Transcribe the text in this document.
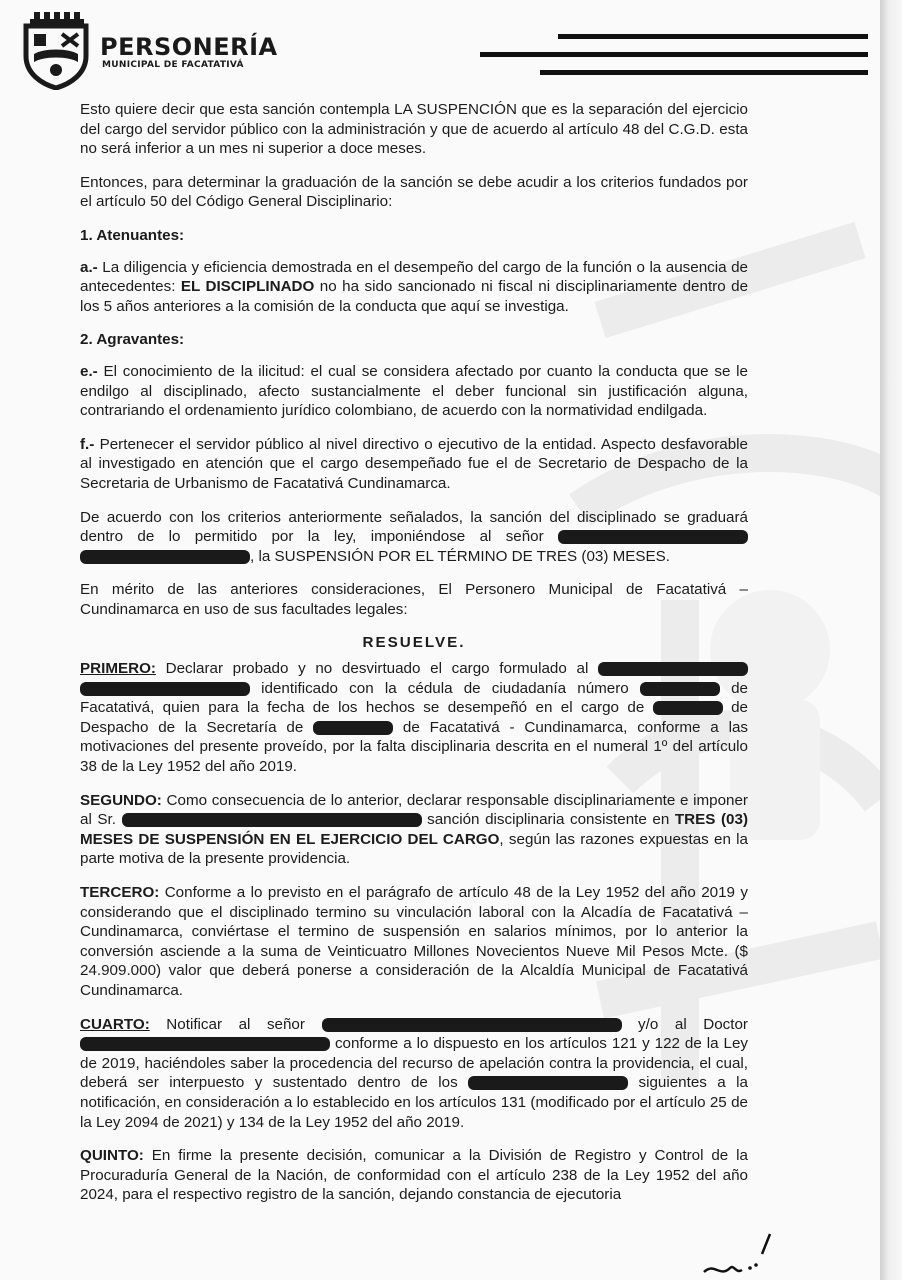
PERSONERÍA
MUNICIPAL DE FACATATIVÁ

Esto quiere decir que esta sanción contempla LA SUSPENCIÓN que es la separación del ejercicio del cargo del servidor público con la administración y que de acuerdo al artículo 48 del C.G.D. esta no será inferior a un mes ni superior a doce meses.

Entonces, para determinar la graduación de la sanción se debe acudir a los criterios fundados por el artículo 50 del Código General Disciplinario:

1. Atenuantes:

a.- La diligencia y eficiencia demostrada en el desempeño del cargo de la función o la ausencia de antecedentes: EL DISCIPLINADO no ha sido sancionado ni fiscal ni disciplinariamente dentro de los 5 años anteriores a la comisión de la conducta que aquí se investiga.

2. Agravantes:

e.- El conocimiento de la ilicitud: el cual se considera afectado por cuanto la conducta que se le endilgo al disciplinado, afecto sustancialmente el deber funcional sin justificación alguna, contrariando el ordenamiento jurídico colombiano, de acuerdo con la normatividad endilgada.

f.- Pertenecer el servidor público al nivel directivo o ejecutivo de la entidad. Aspecto desfavorable al investigado en atención que el cargo desempeñado fue el de Secretario de Despacho de la Secretaria de Urbanismo de Facatativá Cundinamarca.

De acuerdo con los criterios anteriormente señalados, la sanción del disciplinado se graduará dentro de lo permitido por la ley, imponiéndose al señor  , la SUSPENSIÓN POR EL TÉRMINO DE TRES (03) MESES.

En mérito de las anteriores consideraciones, El Personero Municipal de Facatativá – Cundinamarca en uso de sus facultades legales:

RESUELVE.

PRIMERO: Declarar probado y no desvirtuado el cargo formulado al   identificado con la cédula de ciudadanía número	de Facatativá, quien para la fecha de los hechos se desempeñó en el cargo de	de Despacho de la Secretaría de	de Facatativá - Cundinamarca, conforme a las motivaciones del presente proveído, por la falta disciplinaria descrita en el numeral 1º del artículo 38 de la Ley 1952 del año 2019.

SEGUNDO: Como consecuencia de lo anterior, declarar responsable disciplinariamente e imponer al Sr.	sanción disciplinaria consistente en TRES (03) MESES DE SUSPENSIÓN EN EL EJERCICIO DEL CARGO, según las razones expuestas en la parte motiva de la presente providencia.

TERCERO: Conforme a lo previsto en el parágrafo de artículo 48 de la Ley 1952 del año 2019 y considerando que el disciplinado termino su vinculación laboral con la Alcadía de Facatativá – Cundinamarca, conviértase el termino de suspensión en salarios mínimos, por lo anterior la conversión asciende a la suma de Veinticuatro Millones Novecientos Nueve Mil Pesos Mcte. ($ 24.909.000) valor que deberá ponerse a consideración de la Alcaldía Municipal de Facatativá Cundinamarca.

CUARTO: Notificar al señor	y/o al Doctor  conforme a lo dispuesto en los artículos 121 y 122 de la Ley de 2019, haciéndoles saber la procedencia del recurso de apelación contra la providencia, el cual, deberá ser interpuesto y sustentado dentro de los	siguientes a la notificación, en consideración a lo establecido en los artículos 131 (modificado por el artículo 25 de la Ley 2094 de 2021) y 134 de la Ley 1952 del año 2019.

QUINTO: En firme la presente decisión, comunicar a la División de Registro y Control de la Procuraduría General de la Nación, de conformidad con el artículo 238 de la Ley 1952 del año 2024, para el respectivo registro de la sanción, dejando constancia de ejecutoria
